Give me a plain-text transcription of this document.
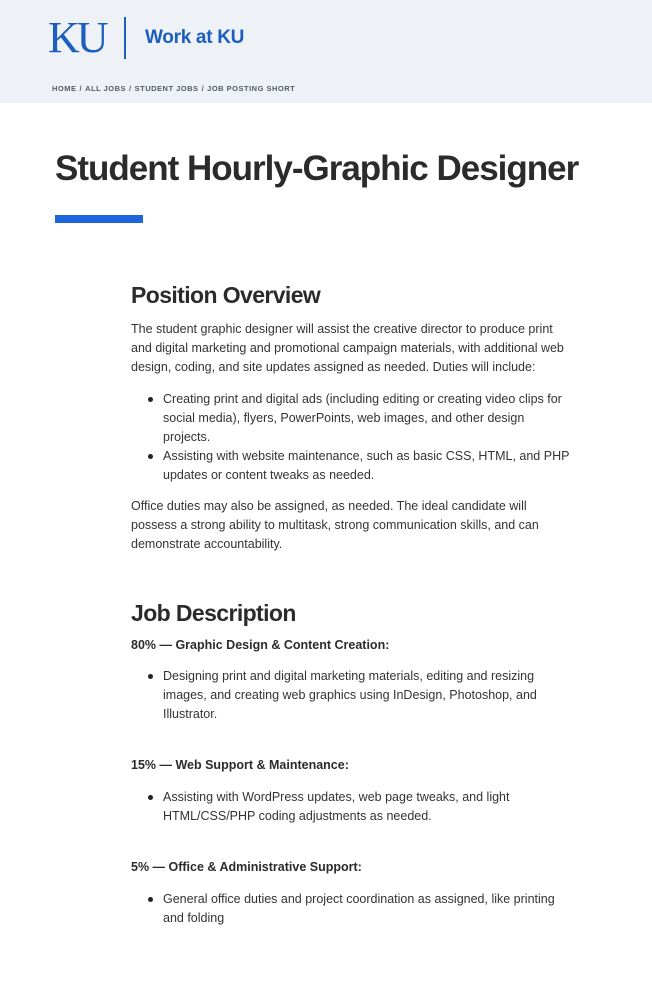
KU Work at KU
HOME / ALL JOBS / STUDENT JOBS / JOB POSTING SHORT
Student Hourly-Graphic Designer
Position Overview

The student graphic designer will assist the creative director to produce print and digital marketing and promotional campaign materials, with additional web design, coding, and site updates assigned as needed. Duties will include:

Creating print and digital ads (including editing or creating video clips for social media), flyers, PowerPoints, web images, and other design projects.
Assisting with website maintenance, such as basic CSS, HTML, and PHP updates or content tweaks as needed.

Office duties may also be assigned, as needed. The ideal candidate will possess a strong ability to multitask, strong communication skills, and can demonstrate accountability.

Job Description
80% — Graphic Design & Content Creation:
Designing print and digital marketing materials, editing and resizing images, and creating web graphics using InDesign, Photoshop, and Illustrator.
15% — Web Support & Maintenance:
Assisting with WordPress updates, web page tweaks, and light HTML/CSS/PHP coding adjustments as needed.
5% — Office & Administrative Support:
General office duties and project coordination as assigned, like printing and folding
